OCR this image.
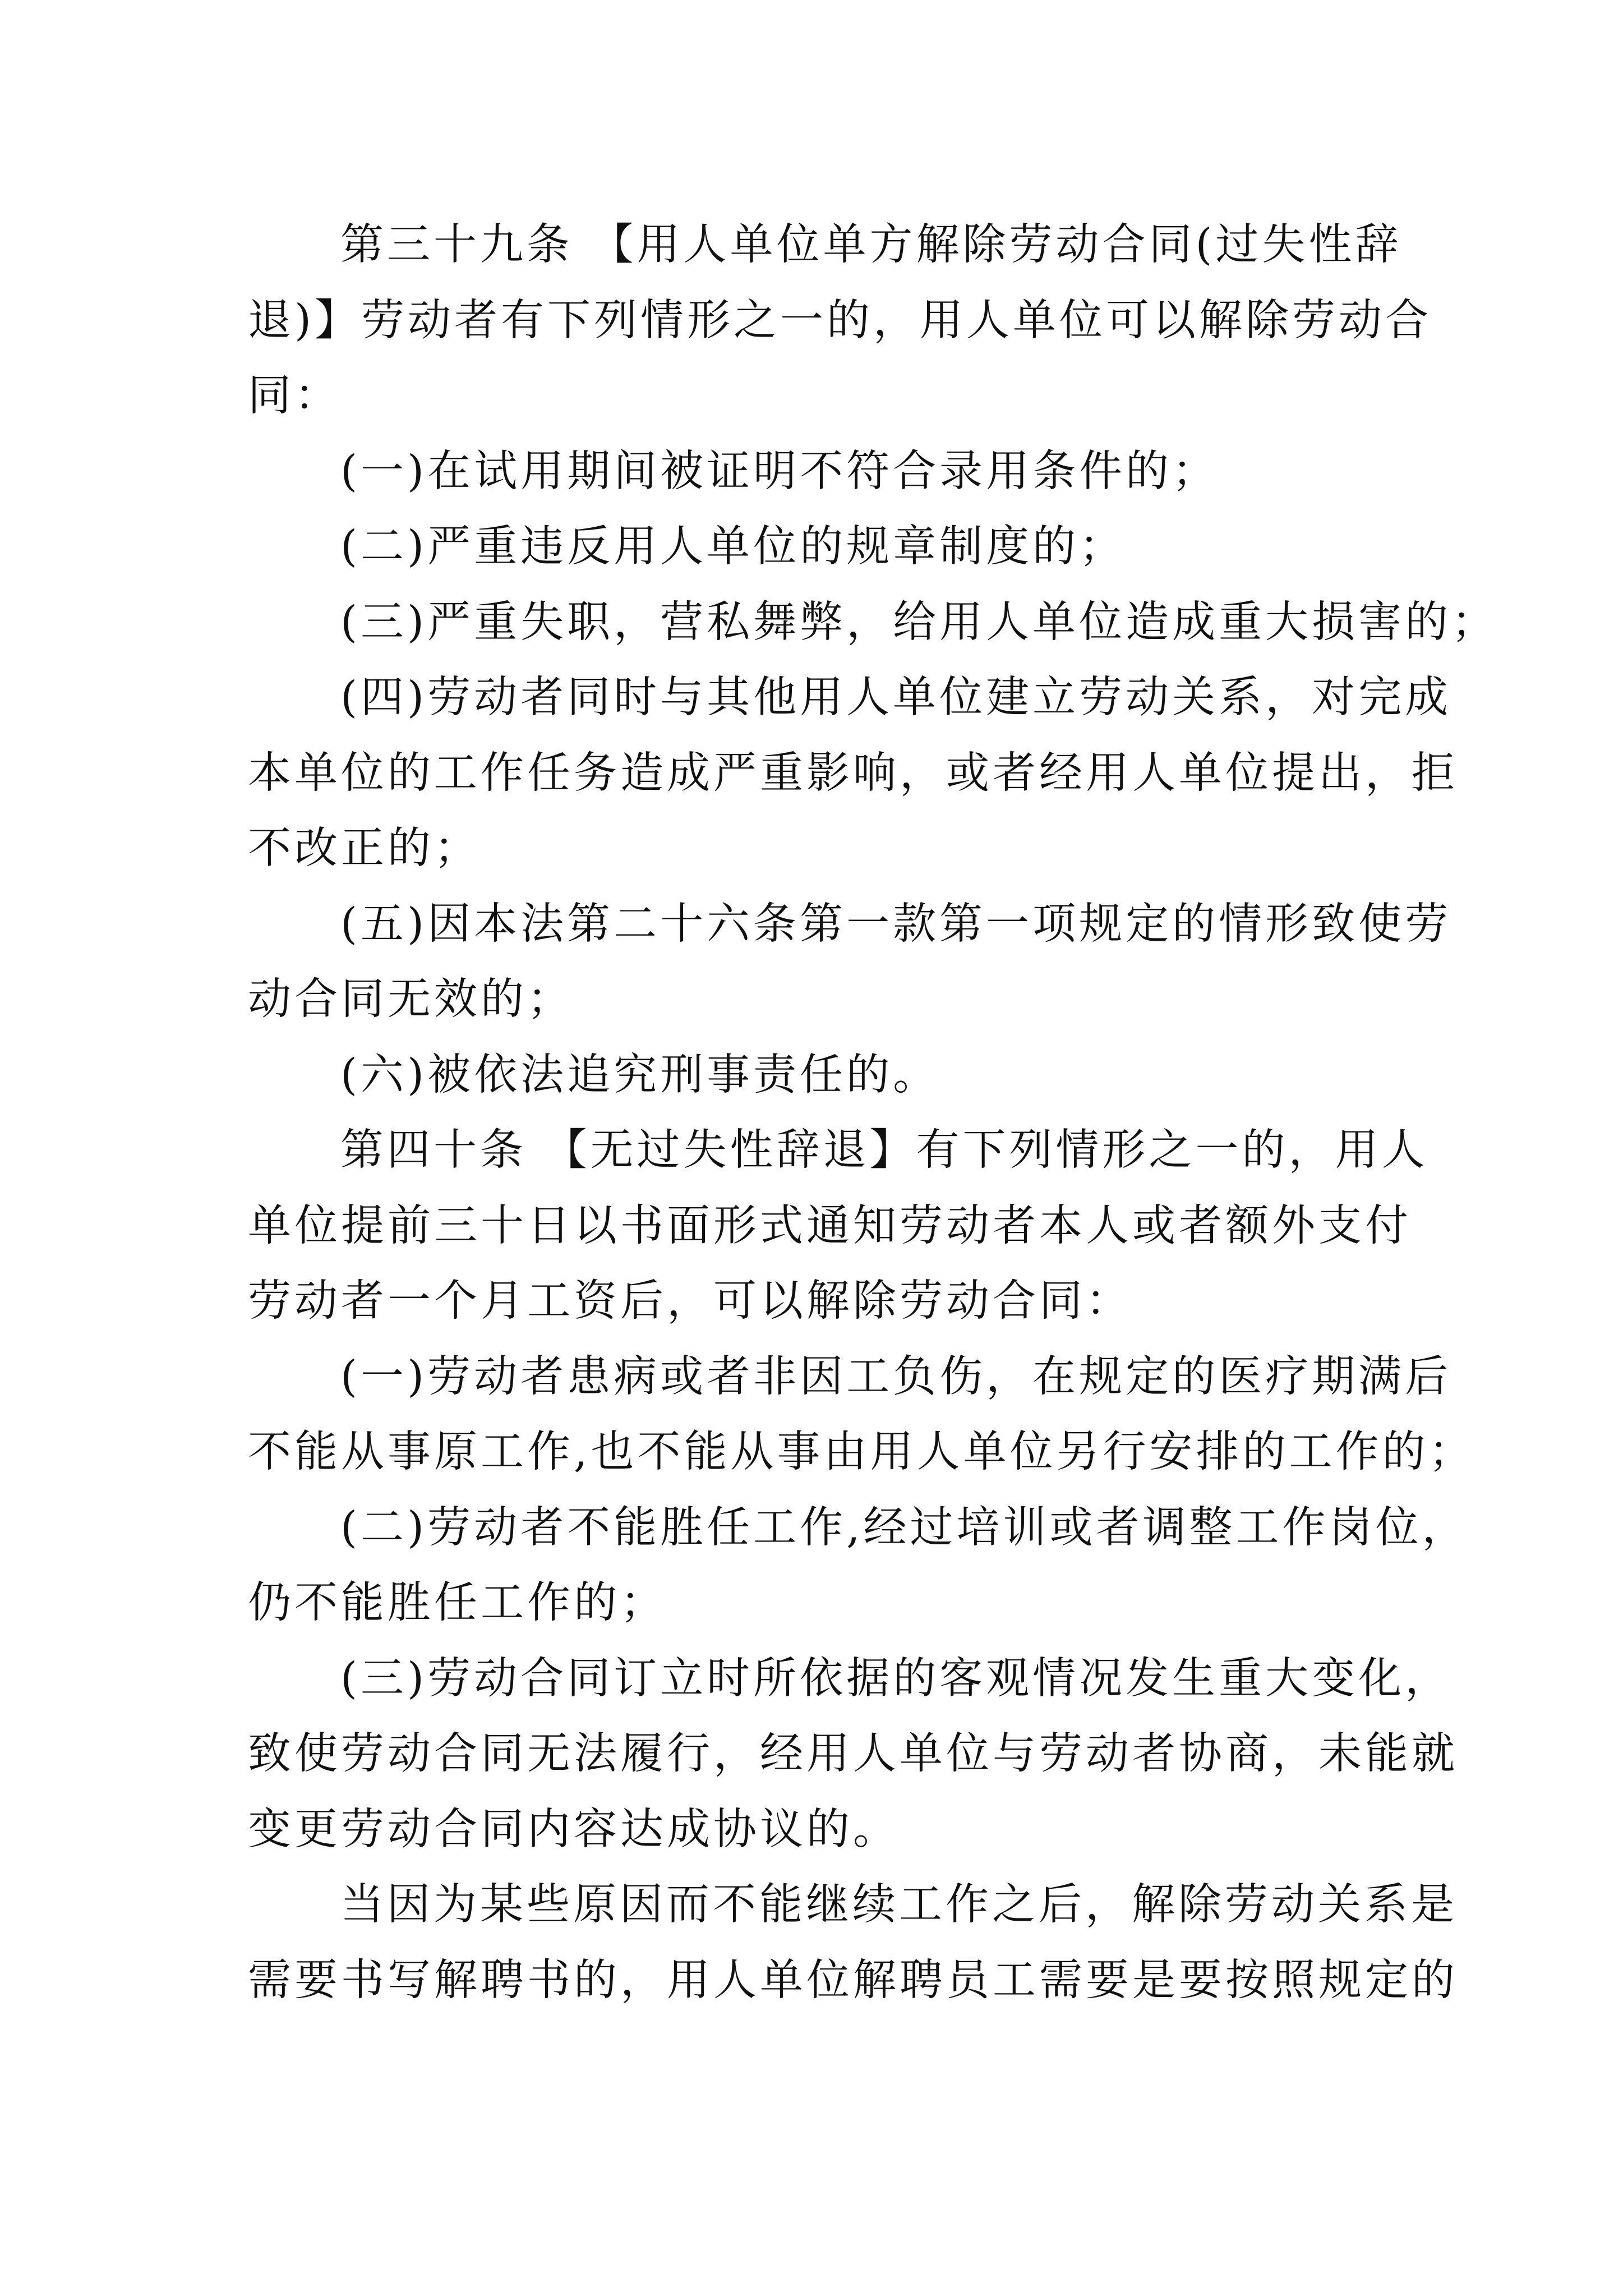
第三十九条 【用人单位单方解除劳动合同(过失性辞
退)】劳动者有下列情形之一的，用人单位可以解除劳动合
同：

(一)在试用期间被证明不符合录用条件的；

(二)严重违反用人单位的规章制度的；

(三)严重失职，营私舞弊，给用人单位造成重大损害的；

(四)劳动者同时与其他用人单位建立劳动关系，对完成
本单位的工作任务造成严重影响，或者经用人单位提出，拒
不改正的；

(五)因本法第二十六条第一款第一项规定的情形致使劳
动合同无效的；

(六)被依法追究刑事责任的。

第四十条 【无过失性辞退】有下列情形之一的，用人
单位提前三十日以书面形式通知劳动者本人或者额外支付
劳动者一个月工资后，可以解除劳动合同：

(一)劳动者患病或者非因工负伤，在规定的医疗期满后
不能从事原工作,也不能从事由用人单位另行安排的工作的；

(二)劳动者不能胜任工作,经过培训或者调整工作岗位，
仍不能胜任工作的；

(三)劳动合同订立时所依据的客观情况发生重大变化，
致使劳动合同无法履行，经用人单位与劳动者协商，未能就
变更劳动合同内容达成协议的。

当因为某些原因而不能继续工作之后，解除劳动关系是
需要书写解聘书的，用人单位解聘员工需要是要按照规定的
